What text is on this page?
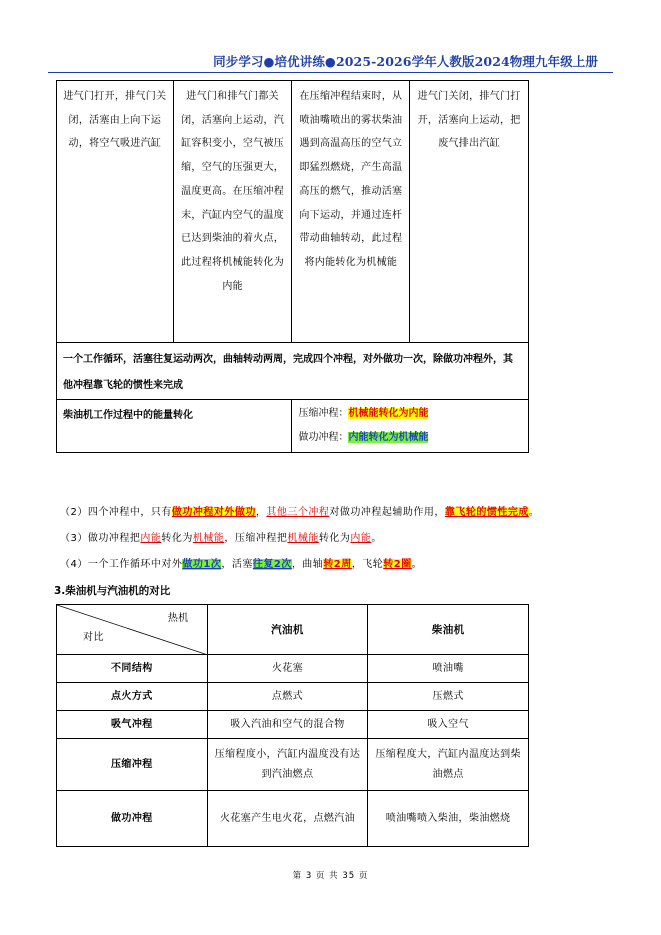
同步学习●培优讲练●2025-2026学年人教版2024物理九年级上册
进气门打开，排气门关闭，活塞由上向下运动，将空气吸进汽缸	进气门和排气门都关闭，活塞向上运动，汽缸容积变小，空气被压缩，空气的压强更大，温度更高。在压缩冲程末，汽缸内空气的温度已达到柴油的着火点，此过程将机械能转化为内能	在压缩冲程结束时，从喷油嘴喷出的雾状柴油遇到高温高压的空气立即猛烈燃烧，产生高温高压的燃气，推动活塞向下运动，并通过连杆带动曲轴转动，此过程将内能转化为机械能	进气门关闭，排气门打开，活塞向上运动，把废气排出汽缸
一个工作循环，活塞往复运动两次，曲轴转动两周，完成四个冲程，对外做功一次，除做功冲程外，其他冲程靠飞轮的惯性来完成			
柴油机工作过程中的能量转化		压缩冲程：机械能转化为内能
做功冲程：内能转化为机械能	
（2）四个冲程中，只有做功冲程对外做功，其他三个冲程对做功冲程起辅助作用，靠飞轮的惯性完成。
（3）做功冲程把内能转化为机械能，压缩冲程把机械能转化为内能。
（4）一个工作循环中对外做功1次，活塞往复2次，曲轴转2周，飞轮转2圈。
3.柴油机与汽油机的对比
热机
对比	汽油机	柴油机
不同结构	火花塞	喷油嘴
点火方式	点燃式	压燃式
吸气冲程	吸入汽油和空气的混合物	吸入空气
压缩冲程	压缩程度小，汽缸内温度没有达到汽油燃点	压缩程度大，汽缸内温度达到柴油燃点
做功冲程	火花塞产生电火花，点燃汽油	喷油嘴喷入柴油，柴油燃烧
第 3 页 共 35 页
